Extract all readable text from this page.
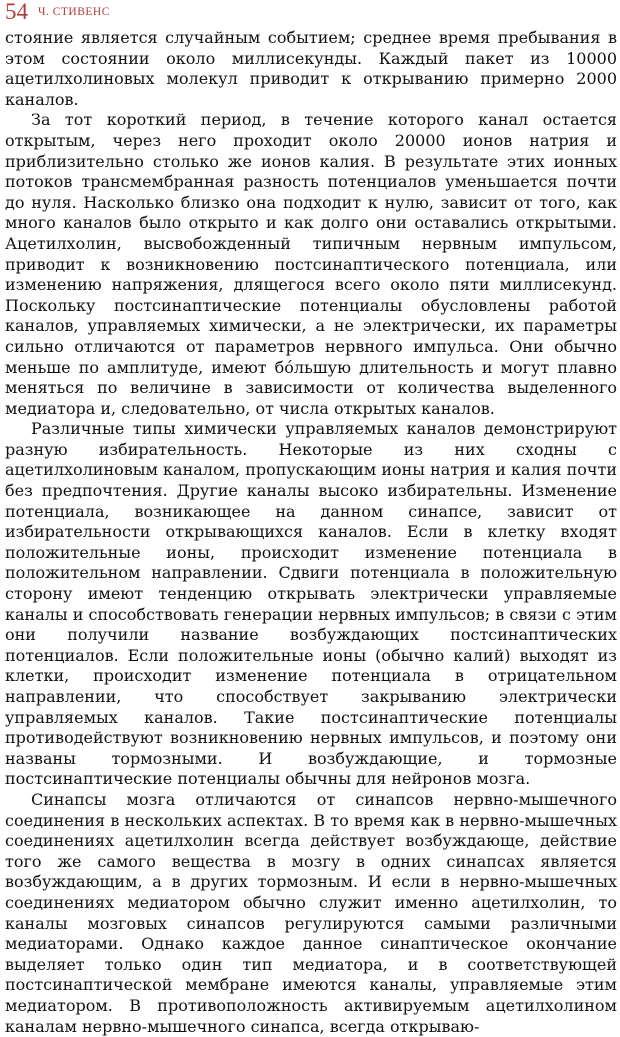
54 Ч. СТИВЕНС

стояние является случайным событием; среднее время пребывания в этом состоянии около миллисекунды. Каждый пакет из 10000 ацетилхолиновых молекул приводит к открыванию примерно 2000 каналов.

За тот короткий период, в течение которого канал остается открытым, через него проходит около 20000 ионов натрия и приблизительно столько же ионов калия. В результате этих ионных потоков трансмембранная разность потенциалов уменьшается почти до нуля. Насколько близко она подходит к нулю, зависит от того, как много каналов было открыто и как долго они оставались открытыми. Ацетилхолин, высвобожденный типичным нервным импульсом, приводит к возникновению постсинаптического потенциала, или изменению напряжения, длящегося всего около пяти миллисекунд. Поскольку постсинаптические потенциалы обусловлены работой каналов, управляемых химически, а не электрически, их параметры сильно отличаются от параметров нервного импульса. Они обычно меньше по амплитуде, имеют бóльшую длительность и могут плавно меняться по величине в зависимости от количества выделенного медиатора и, следовательно, от числа открытых каналов.

Различные типы химически управляемых каналов демонстрируют разную избирательность. Некоторые из них сходны с ацетилхолиновым каналом, пропускающим ионы натрия и калия почти без предпочтения. Другие каналы высоко избирательны. Изменение потенциала, возникающее на данном синапсе, зависит от избирательности открывающихся каналов. Если в клетку входят положительные ионы, происходит изменение потенциала в положительном направлении. Сдвиги потенциала в положительную сторону имеют тенденцию открывать электрически управляемые каналы и способствовать генерации нервных импульсов; в связи с этим они получили название возбуждающих постсинаптических потенциалов. Если положительные ионы (обычно калий) выходят из клетки, происходит изменение потенциала в отрицательном направлении, что способствует закрыванию электрически управляемых каналов. Такие постсинаптические потенциалы противодействуют возникновению нервных импульсов, и поэтому они названы тормозными. И возбуждающие, и тормозные постсинаптические потенциалы обычны для нейронов мозга.

Синапсы мозга отличаются от синапсов нервно-мышечного соединения в нескольких аспектах. В то время как в нервно-мышечных соединениях ацетилхолин всегда действует возбуждающе, действие того же самого вещества в мозгу в одних синапсах является возбуждающим, а в других тормозным. И если в нервно-мышечных соединениях медиатором обычно служит именно ацетилхолин, то каналы мозговых синапсов регулируются самыми различными медиаторами. Однако каждое данное синаптическое окончание выделяет только один тип медиатора, и в соответствующей постсинаптической мембране имеются каналы, управляемые этим медиатором. В противоположность активируемым ацетилхолином каналам нервно-мышечного синапса, всегда открываю-
